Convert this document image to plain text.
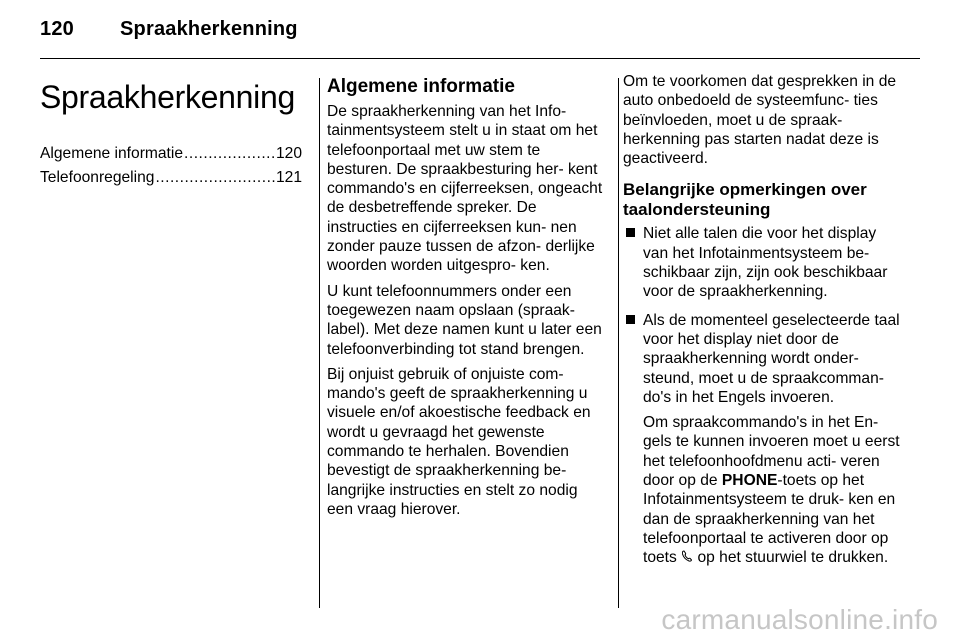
120 Spraakherkenning
Spraakherkenning
Algemene informatie .....	120
Telefoonregeling .....	121
Algemene informatie

De spraakherkenning van het Info- tainmentsysteem stelt u in staat om het telefoonportaal met uw stem te besturen. De spraakbesturing her- kent commando's en cijferreeksen, ongeacht de desbetreffende spreker. De instructies en cijferreeksen kun- nen zonder pauze tussen de afzon- derlijke woorden worden uitgespro- ken.

U kunt telefoonnummers onder een toegewezen naam opslaan (spraak- label). Met deze namen kunt u later een telefoonverbinding tot stand brengen.

Bij onjuist gebruik of onjuiste com- mando's geeft de spraakherkenning u visuele en/of akoestische feedback en wordt u gevraagd het gewenste commando te herhalen. Bovendien bevestigt de spraakherkenning be- langrijke instructies en stelt zo nodig een vraag hierover.

Om te voorkomen dat gesprekken in de auto onbedoeld de systeemfunc- ties beïnvloeden, moet u de spraak- herkenning pas starten nadat deze is geactiveerd.

Belangrijke opmerkingen over taalondersteuning

Niet alle talen die voor het display van het Infotainmentsysteem be- schikbaar zijn, zijn ook beschikbaar voor de spraakherkenning.

Als de momenteel geselecteerde taal voor het display niet door de spraakherkenning wordt onder- steund, moet u de spraakcomman- do's in het Engels invoeren.

Om spraakcommando's in het En- gels te kunnen invoeren moet u eerst het telefoonhoofdmenu acti- veren door op de PHONE-toets op het Infotainmentsysteem te druk- ken en dan de spraakherkenning van het telefoonportaal te activeren door op toets  op het stuurwiel te drukken.

carmanualsonline.info
